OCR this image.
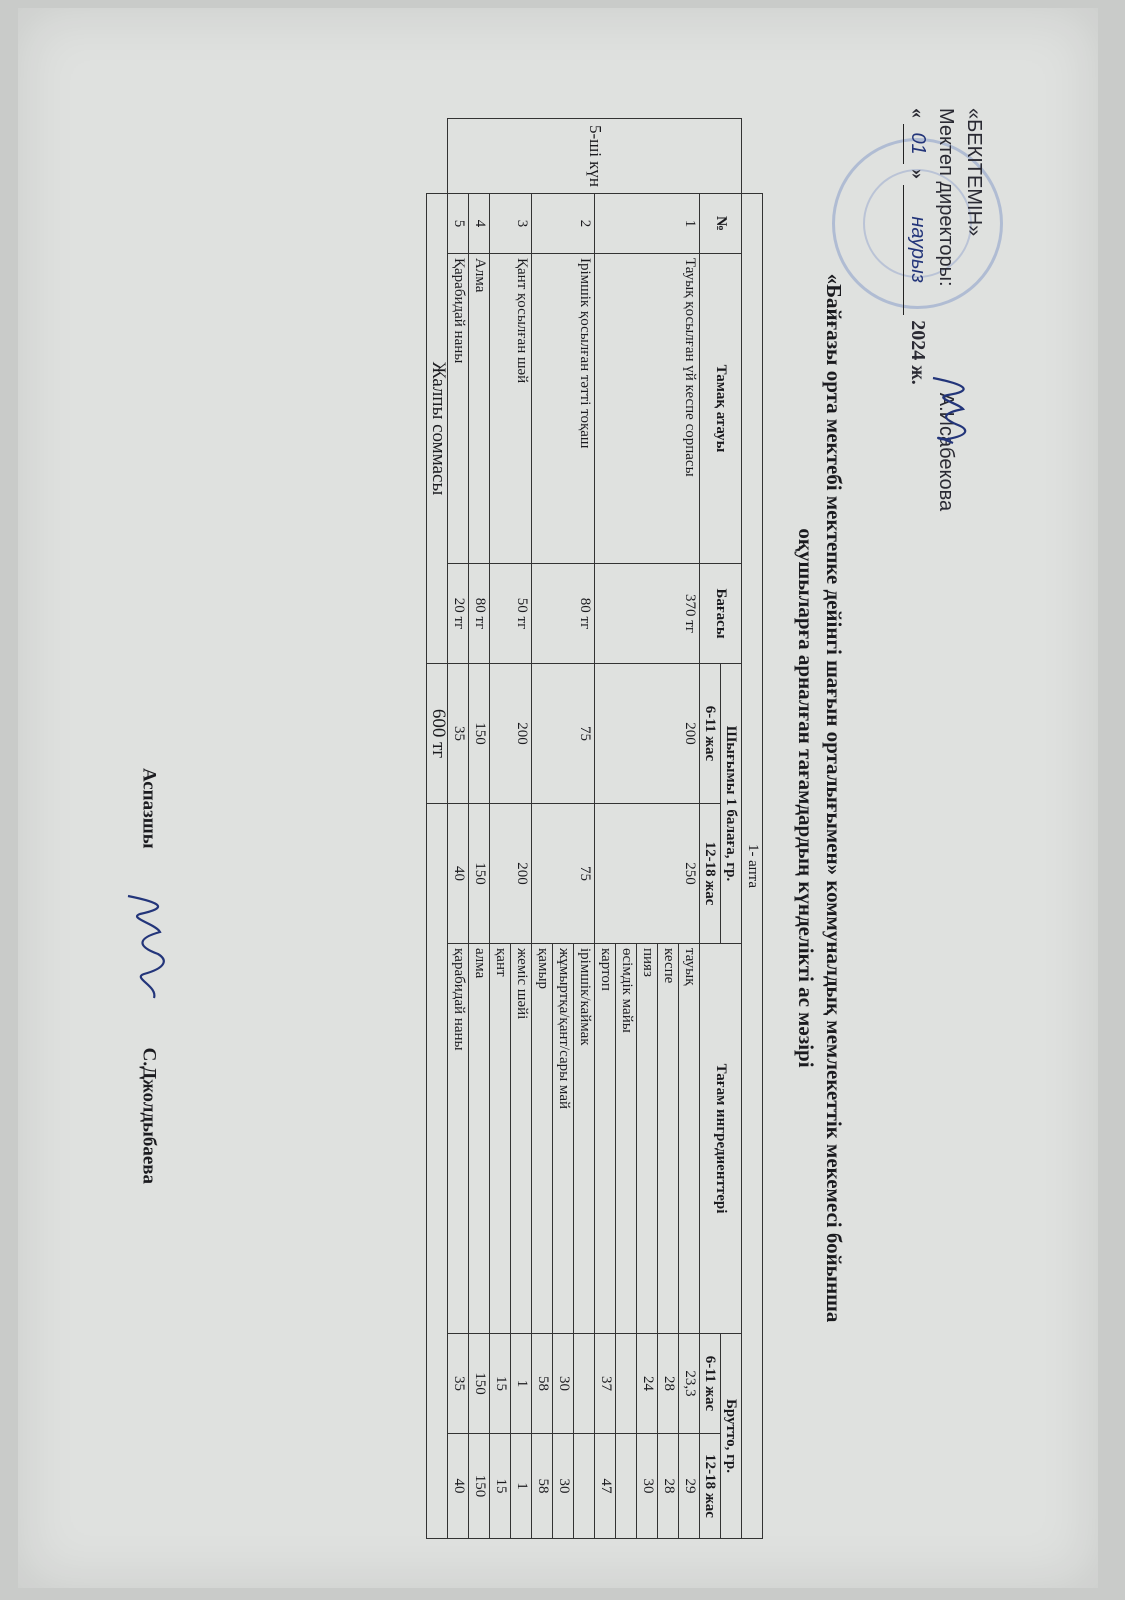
«БЕКІТЕМІН»
Мектеп директоры:  А.Исабекова
« 01 » наурыз 2024 ж.
«Байғазы орта мектебі мектепке дейінгі шағын орталығымен» коммуналдық мемлекеттік мекемесі бойынша
оқушыларға арналған тағамдардың күнделікті ас мәзірі
	1- апта							
5-ші күн	№	Тамақ атауы	Бағасы	Шығымы 1 балаға, гр.		Тағам ингредиенттері	Брутто, гр.	
				6-11 жас	12-18 жас		6-11 жас	12-18 жас
	1	Тауық қосылған үй кеспе сорпасы	370 тг	200	250	тауық	23,3	29
						кеспе	28	28
						пияз	24	30
						өсімдік майы		
						картоп	37	47
	2	Ірімшік қосылған тәтті тоқаш	80 тг	75	75	ірімшік/каймак		
						жұмыртқа/қант/сары май	30	30
						қамыр	58	58
	3	Қант қосылған шәй	50 тг	200	200	жеміс шәйі	1	1
						қант	15	15
	4	Алма	80 тг	150	150	алма	150	150
	5	Қарабидай наны	20 тг	35	40	қарабидай наны	35	40
	Жалпы соммасы			600 тг				
Аспазшы    С.Джолдыбаева
